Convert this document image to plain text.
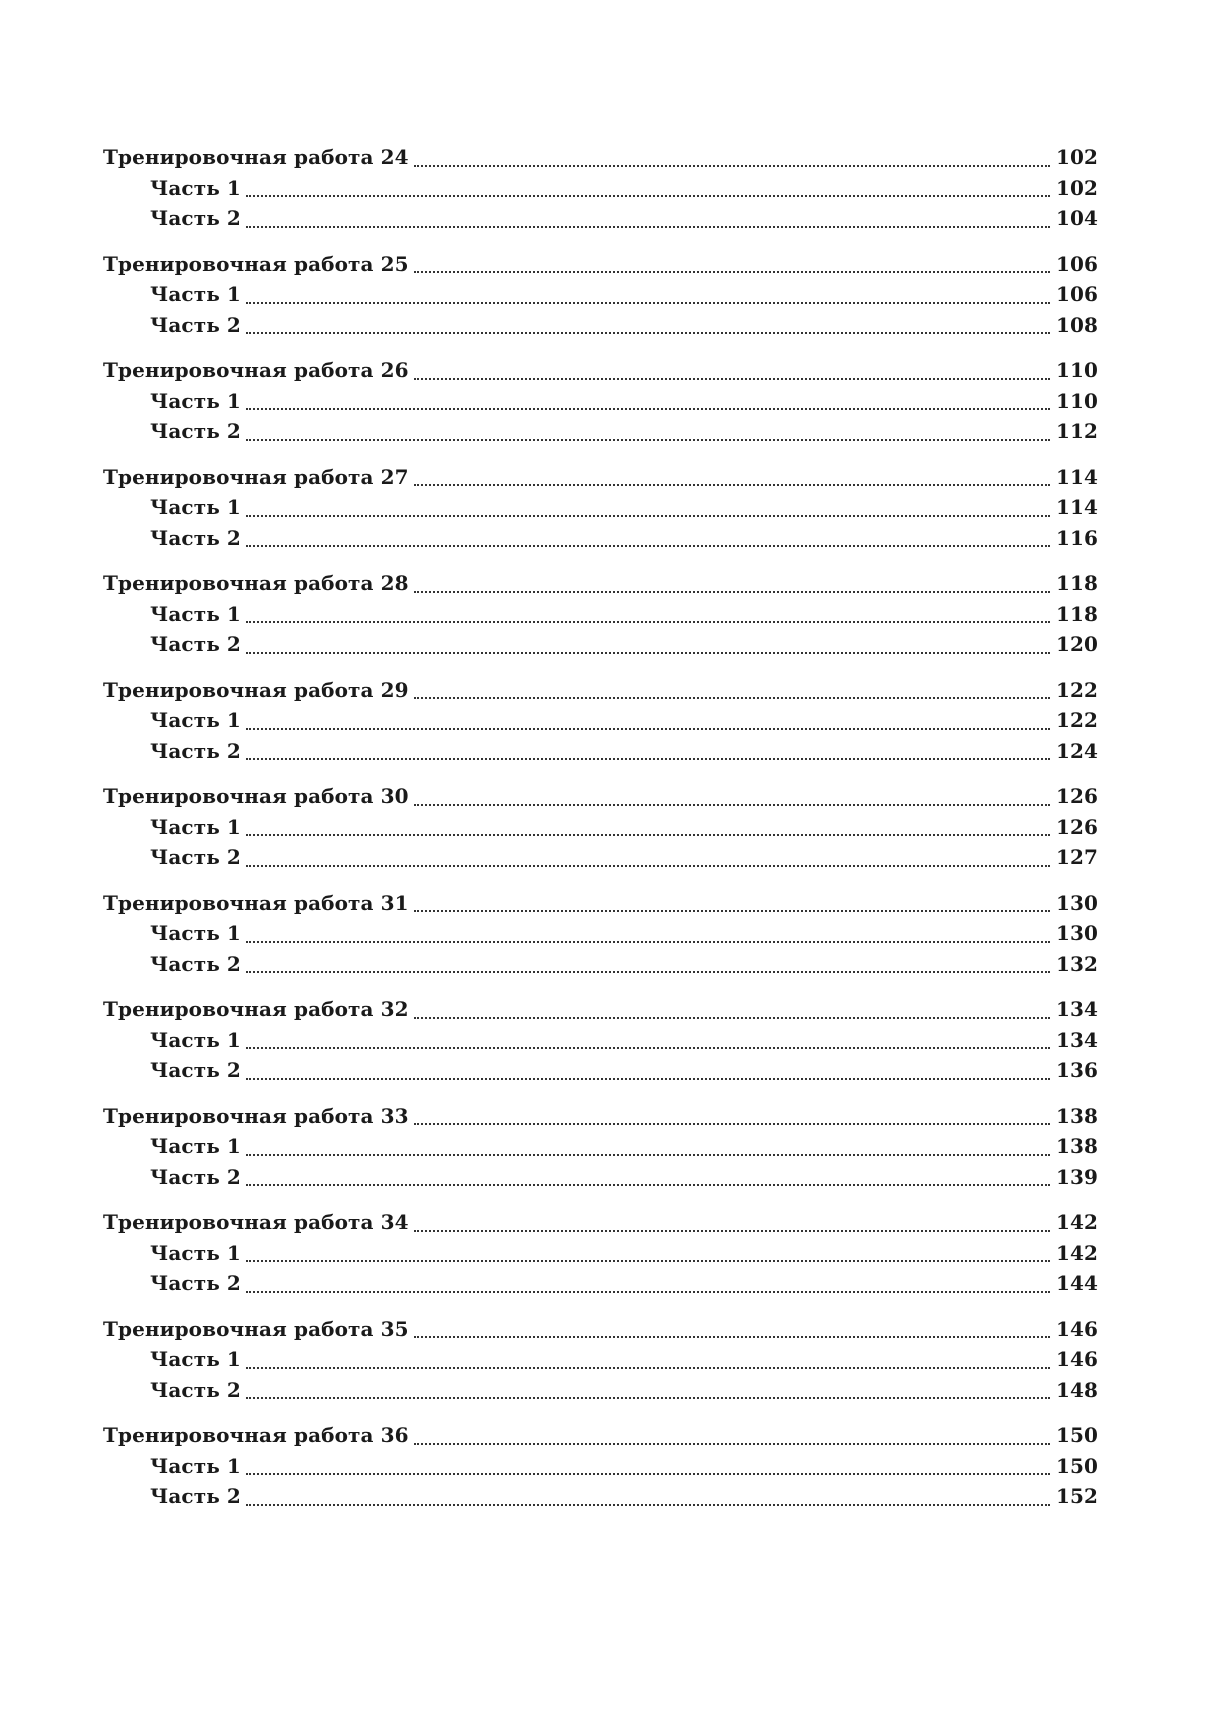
Тренировочная работа 24	102
Часть 1	102
Часть 2	104
Тренировочная работа 25	106
Часть 1	106
Часть 2	108
Тренировочная работа 26	110
Часть 1	110
Часть 2	112
Тренировочная работа 27	114
Часть 1	114
Часть 2	116
Тренировочная работа 28	118
Часть 1	118
Часть 2	120
Тренировочная работа 29	122
Часть 1	122
Часть 2	124
Тренировочная работа 30	126
Часть 1	126
Часть 2	127
Тренировочная работа 31	130
Часть 1	130
Часть 2	132
Тренировочная работа 32	134
Часть 1	134
Часть 2	136
Тренировочная работа 33	138
Часть 1	138
Часть 2	139
Тренировочная работа 34	142
Часть 1	142
Часть 2	144
Тренировочная работа 35	146
Часть 1	146
Часть 2	148
Тренировочная работа 36	150
Часть 1	150
Часть 2	152
